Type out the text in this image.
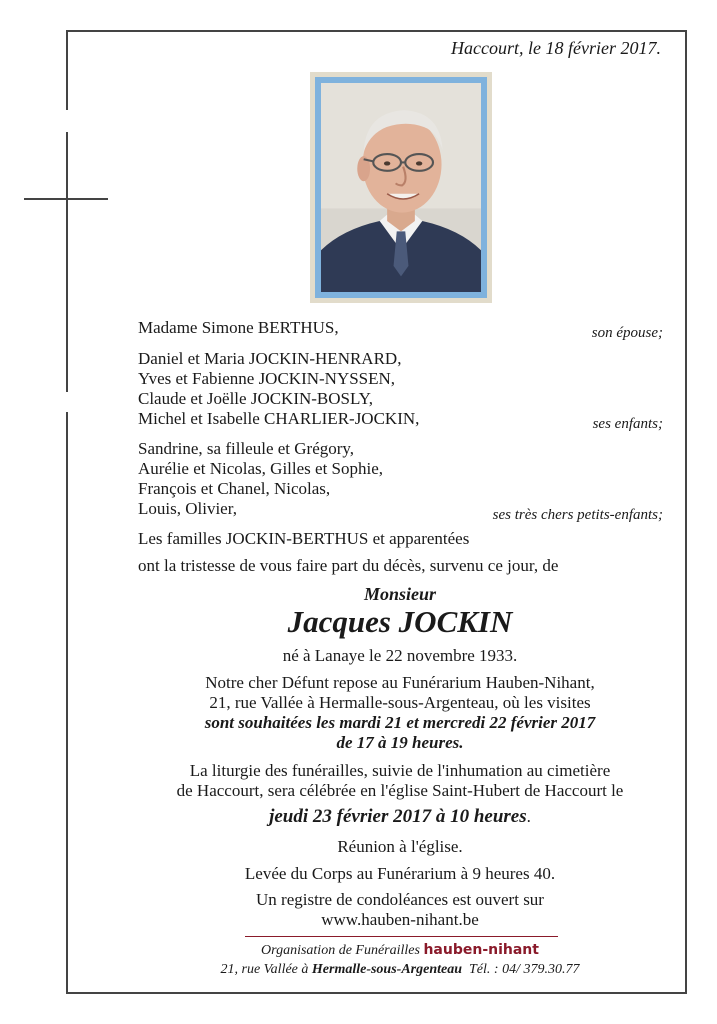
Haccourt, le 18 février 2017.
Madame Simone BERTHUS,	son épouse;
Daniel et Maria JOCKIN-HENRARD,
Yves et Fabienne JOCKIN-NYSSEN,
Claude et Joëlle JOCKIN-BOSLY,
Michel et Isabelle CHARLIER-JOCKIN,	ses enfants;
Sandrine, sa filleule et Grégory,
Aurélie et Nicolas, Gilles et Sophie,
François et Chanel, Nicolas,
Louis, Olivier,	ses très chers petits-enfants;
Les familles JOCKIN-BERTHUS et apparentées
ont la tristesse de vous faire part du décès, survenu ce jour, de
Monsieur
Jacques JOCKIN
né à Lanaye le 22 novembre 1933.
Notre cher Défunt repose au Funérarium Hauben-Nihant,
21, rue Vallée à Hermalle-sous-Argenteau, où les visites
sont souhaitées les mardi 21 et mercredi 22 février 2017
de 17 à 19 heures.
La liturgie des funérailles, suivie de l'inhumation au cimetière
de Haccourt, sera célébrée en l'église Saint-Hubert de Haccourt le
jeudi 23 février 2017 à 10 heures.
Réunion à l'église.
Levée du Corps au Funérarium à 9 heures 40.
Un registre de condoléances est ouvert sur
www.hauben-nihant.be
Organisation de Funérailles hauben-nihant
21, rue Vallée à Hermalle-sous-Argenteau Tél. : 04/ 379.30.77
